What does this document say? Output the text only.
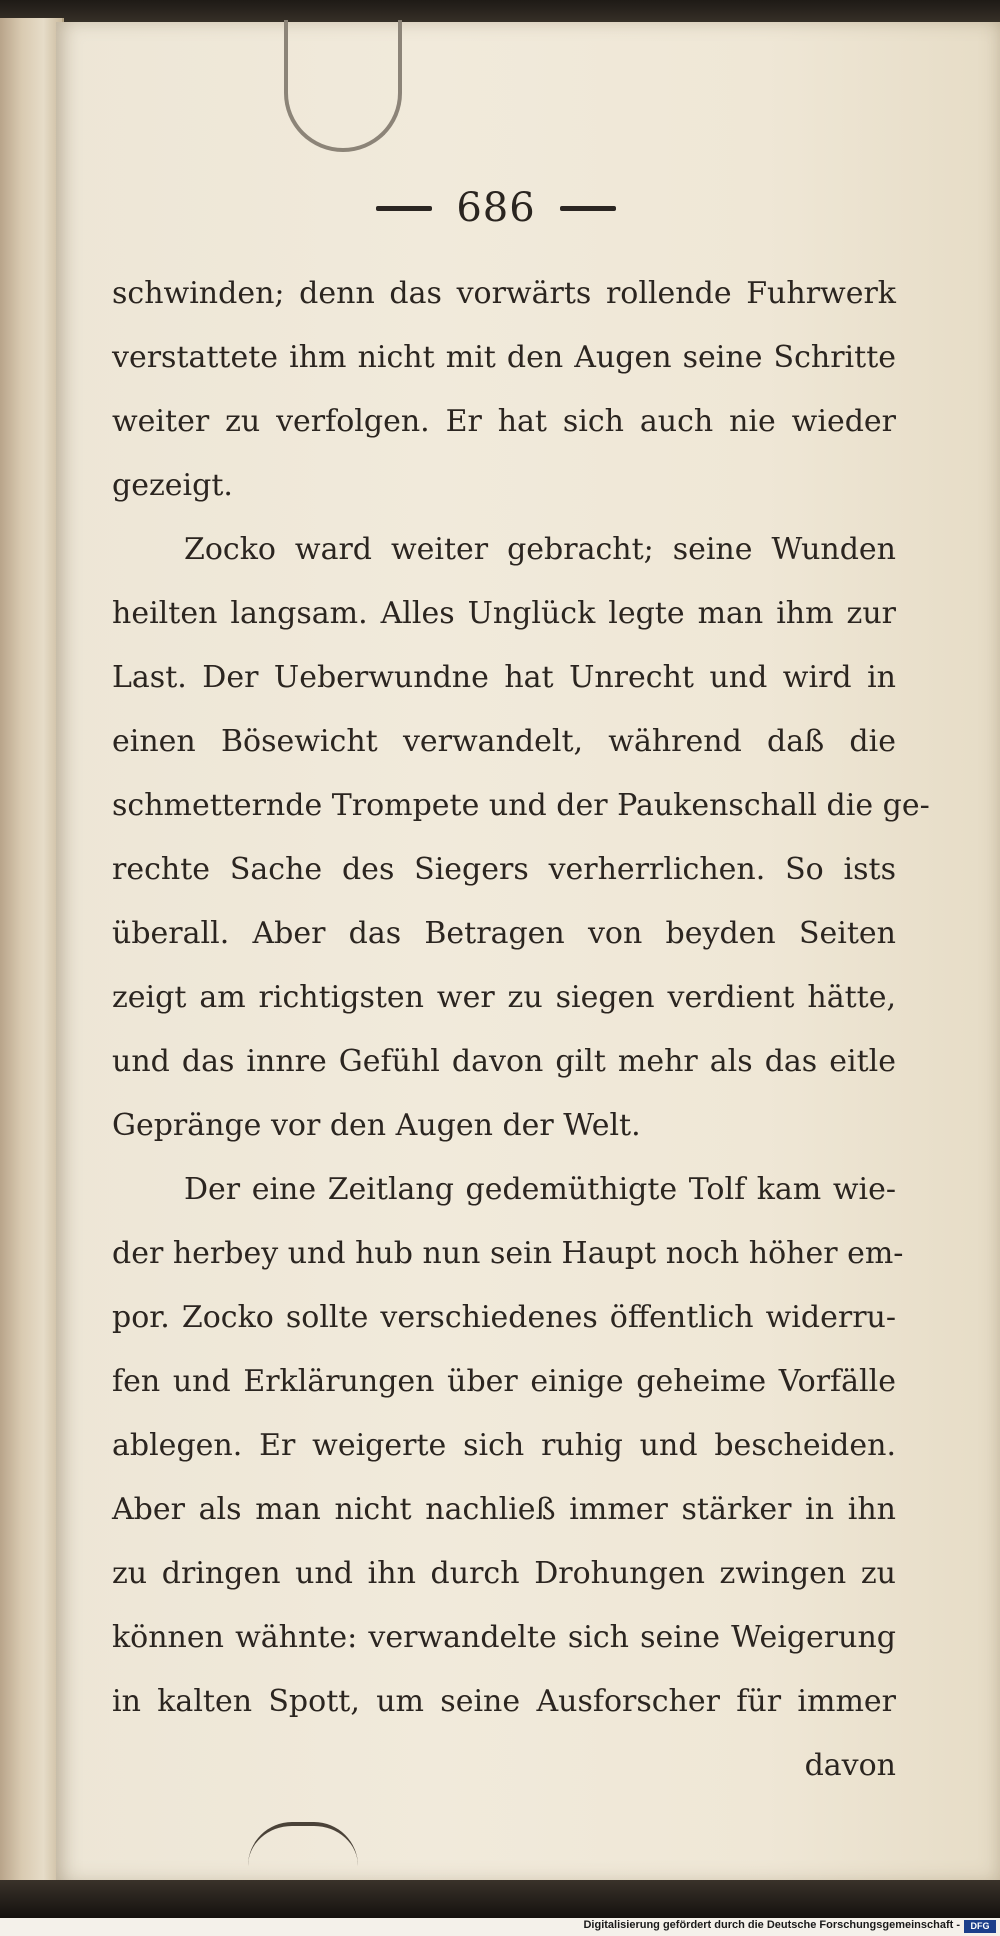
686
schwinden; denn das vorwärts rollende Fuhrwerk
verstattete ihm nicht mit den Augen seine Schritte
weiter zu verfolgen. Er hat sich auch nie wieder
gezeigt.
Zocko ward weiter gebracht; seine Wunden
heilten langsam. Alles Unglück legte man ihm zur
Last. Der Ueberwundne hat Unrecht und wird in
einen Bösewicht verwandelt, während daß die
schmetternde Trompete und der Paukenschall die ge-
rechte Sache des Siegers verherrlichen. So ists
überall. Aber das Betragen von beyden Seiten
zeigt am richtigsten wer zu siegen verdient hätte,
und das innre Gefühl davon gilt mehr als das eitle
Gepränge vor den Augen der Welt.
Der eine Zeitlang gedemüthigte Tolf kam wie-
der herbey und hub nun sein Haupt noch höher em-
por. Zocko sollte verschiedenes öffentlich widerru-
fen und Erklärungen über einige geheime Vorfälle
ablegen. Er weigerte sich ruhig und bescheiden.
Aber als man nicht nachließ immer stärker in ihn
zu dringen und ihn durch Drohungen zwingen zu
können wähnte: verwandelte sich seine Weigerung
in kalten Spott, um seine Ausforscher für immer
davon
Digitalisierung gefördert durch die Deutsche Forschungsgemeinschaft -	DFG
